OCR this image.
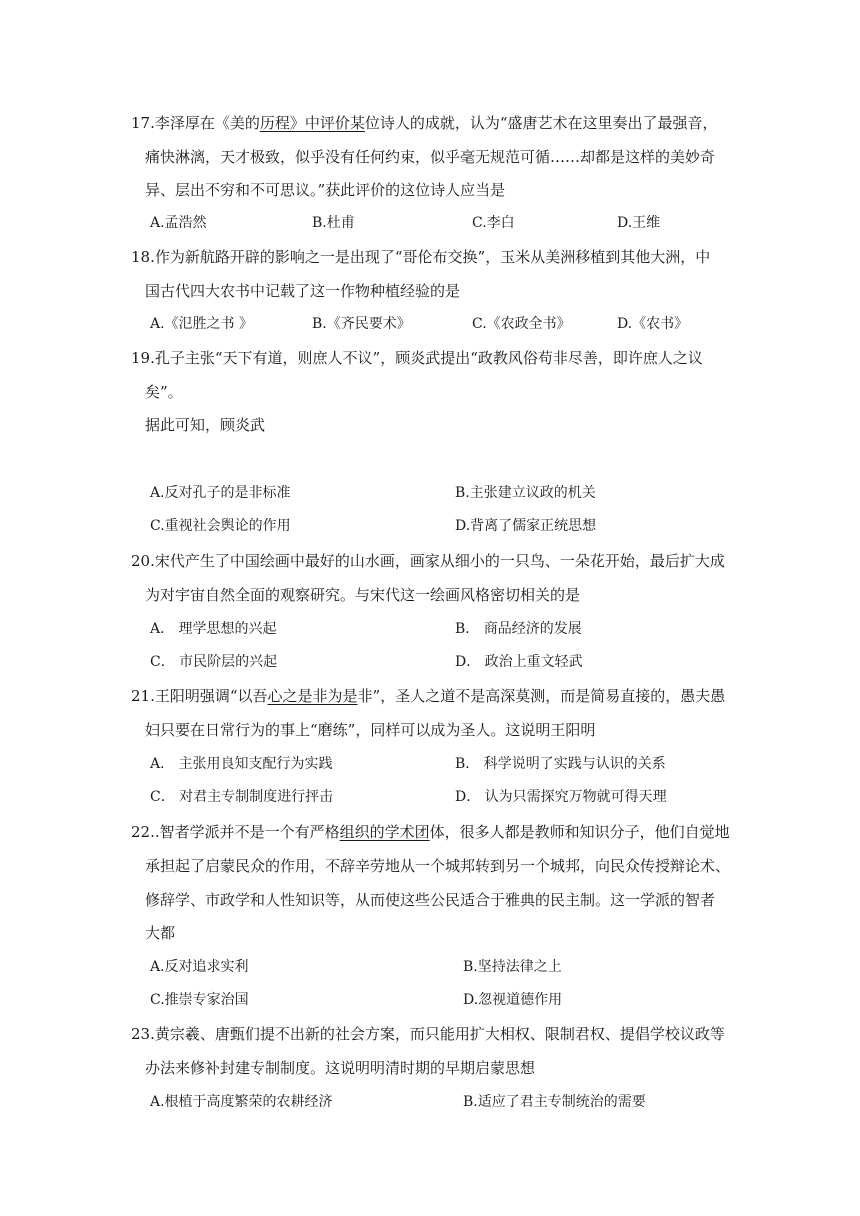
17.李泽厚在《美的历程》中评价某位诗人的成就，认为“盛唐艺术在这里奏出了最强音，
痛快淋漓，天才极致，似乎没有任何约束，似乎毫无规范可循……却都是这样的美妙奇
异、层出不穷和不可思议。”获此评价的这位诗人应当是
A.孟浩然	B.杜甫	C.李白	D.王维
18.作为新航路开辟的影响之一是出现了“哥伦布交换”，玉米从美洲移植到其他大洲，中
国古代四大农书中记载了这一作物种植经验的是
A.《氾胜之书 》	B.《齐民要术》	C.《农政全书》	D.《农书》
19.孔子主张“天下有道，则庶人不议”，顾炎武提出“政教风俗苟非尽善，即许庶人之议
矣”。
据此可知，顾炎武
A.反对孔子的是非标准	B.主张建立议政的机关
C.重视社会舆论的作用	D.背离了儒家正统思想
20.宋代产生了中国绘画中最好的山水画，画家从细小的一只鸟、一朵花开始，最后扩大成
为对宇宙自然全面的观察研究。与宋代这一绘画风格密切相关的是
A． 理学思想的兴起	B． 商品经济的发展
C． 市民阶层的兴起	D． 政治上重文轻武
21.王阳明强调“以吾心之是非为是非”，圣人之道不是高深莫测，而是简易直接的，愚夫愚
妇只要在日常行为的事上“磨练”，同样可以成为圣人。这说明王阳明
A． 主张用良知支配行为实践	B． 科学说明了实践与认识的关系
C． 对君主专制制度进行抨击	D． 认为只需探究万物就可得天理
22..智者学派并不是一个有严格组织的学术团体，很多人都是教师和知识分子，他们自觉地
承担起了启蒙民众的作用，不辞辛劳地从一个城邦转到另一个城邦，向民众传授辩论术、
修辞学、市政学和人性知识等，从而使这些公民适合于雅典的民主制。这一学派的智者
大都
A.反对追求实利	B.坚持法律之上
C.推崇专家治国	D.忽视道德作用
23.黄宗羲、唐甄们提不出新的社会方案，而只能用扩大相权、限制君权、提倡学校议政等
办法来修补封建专制制度。这说明明清时期的早期启蒙思想
A.根植于高度繁荣的农耕经济	B.适应了君主专制统治的需要
